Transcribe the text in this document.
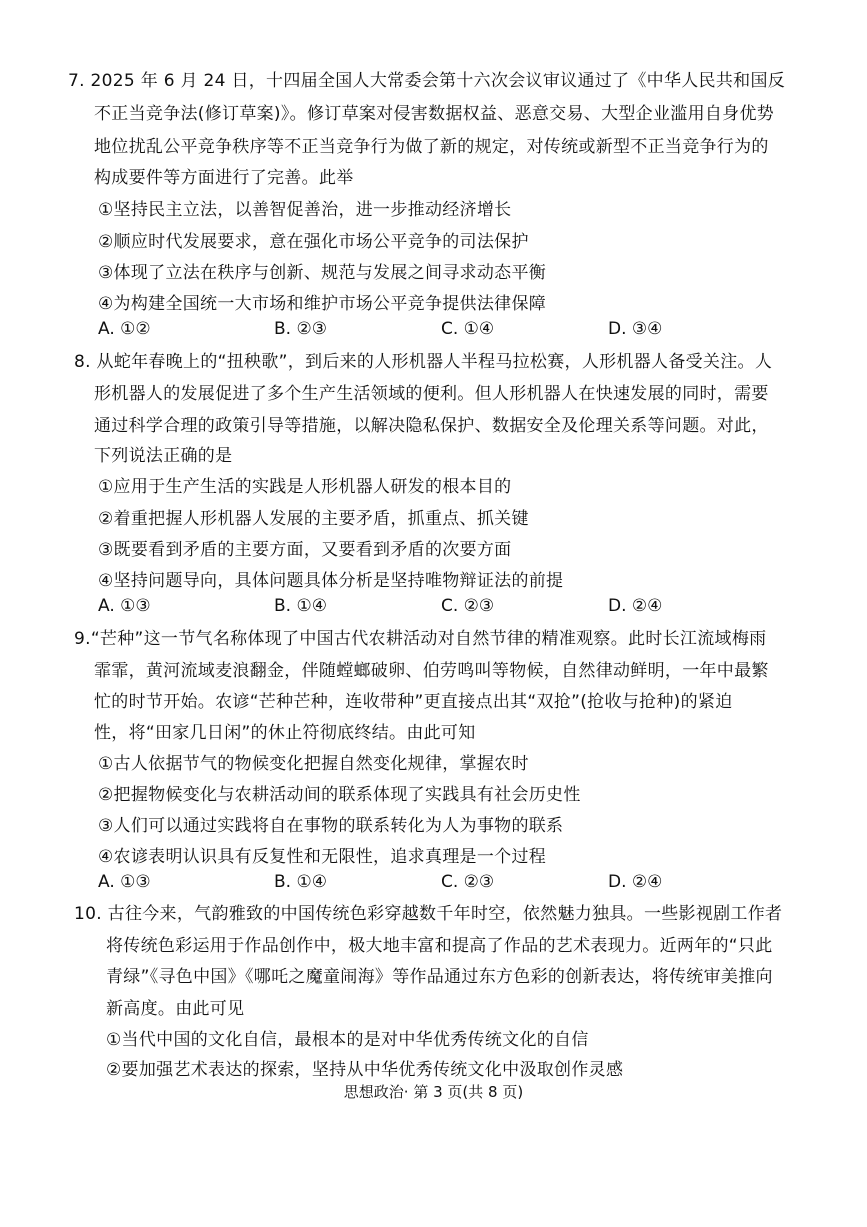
7. 2025 年 6 月 24 日，十四届全国人大常委会第十六次会议审议通过了《中华人民共和国反
不正当竞争法(修订草案)》。修订草案对侵害数据权益、恶意交易、大型企业滥用自身优势
地位扰乱公平竞争秩序等不正当竞争行为做了新的规定，对传统或新型不正当竞争行为的
构成要件等方面进行了完善。此举
①坚持民主立法，以善智促善治，进一步推动经济增长
②顺应时代发展要求，意在强化市场公平竞争的司法保护
③体现了立法在秩序与创新、规范与发展之间寻求动态平衡
④为构建全国统一大市场和维护市场公平竞争提供法律保障
A. ①②	B. ②③	C. ①④	D. ③④
8. 从蛇年春晚上的“扭秧歌”，到后来的人形机器人半程马拉松赛，人形机器人备受关注。人
形机器人的发展促进了多个生产生活领域的便利。但人形机器人在快速发展的同时，需要
通过科学合理的政策引导等措施，以解决隐私保护、数据安全及伦理关系等问题。对此，
下列说法正确的是
①应用于生产生活的实践是人形机器人研发的根本目的
②着重把握人形机器人发展的主要矛盾，抓重点、抓关键
③既要看到矛盾的主要方面，又要看到矛盾的次要方面
④坚持问题导向，具体问题具体分析是坚持唯物辩证法的前提
A. ①③	B. ①④	C. ②③	D. ②④
9.“芒种”这一节气名称体现了中国古代农耕活动对自然节律的精准观察。此时长江流域梅雨
霏霏，黄河流域麦浪翻金，伴随螳螂破卵、伯劳鸣叫等物候，自然律动鲜明，一年中最繁
忙的时节开始。农谚“芒种芒种，连收带种”更直接点出其“双抢”(抢收与抢种)的紧迫
性，将“田家几日闲”的休止符彻底终结。由此可知
①古人依据节气的物候变化把握自然变化规律，掌握农时
②把握物候变化与农耕活动间的联系体现了实践具有社会历史性
③人们可以通过实践将自在事物的联系转化为人为事物的联系
④农谚表明认识具有反复性和无限性，追求真理是一个过程
A. ①③	B. ①④	C. ②③	D. ②④
10. 古往今来，气韵雅致的中国传统色彩穿越数千年时空，依然魅力独具。一些影视剧工作者
将传统色彩运用于作品创作中，极大地丰富和提高了作品的艺术表现力。近两年的“只此
青绿”《寻色中国》《哪吒之魔童闹海》等作品通过东方色彩的创新表达，将传统审美推向
新高度。由此可见
①当代中国的文化自信，最根本的是对中华优秀传统文化的自信
②要加强艺术表达的探索，坚持从中华优秀传统文化中汲取创作灵感
思想政治· 第 3 页(共 8 页)
